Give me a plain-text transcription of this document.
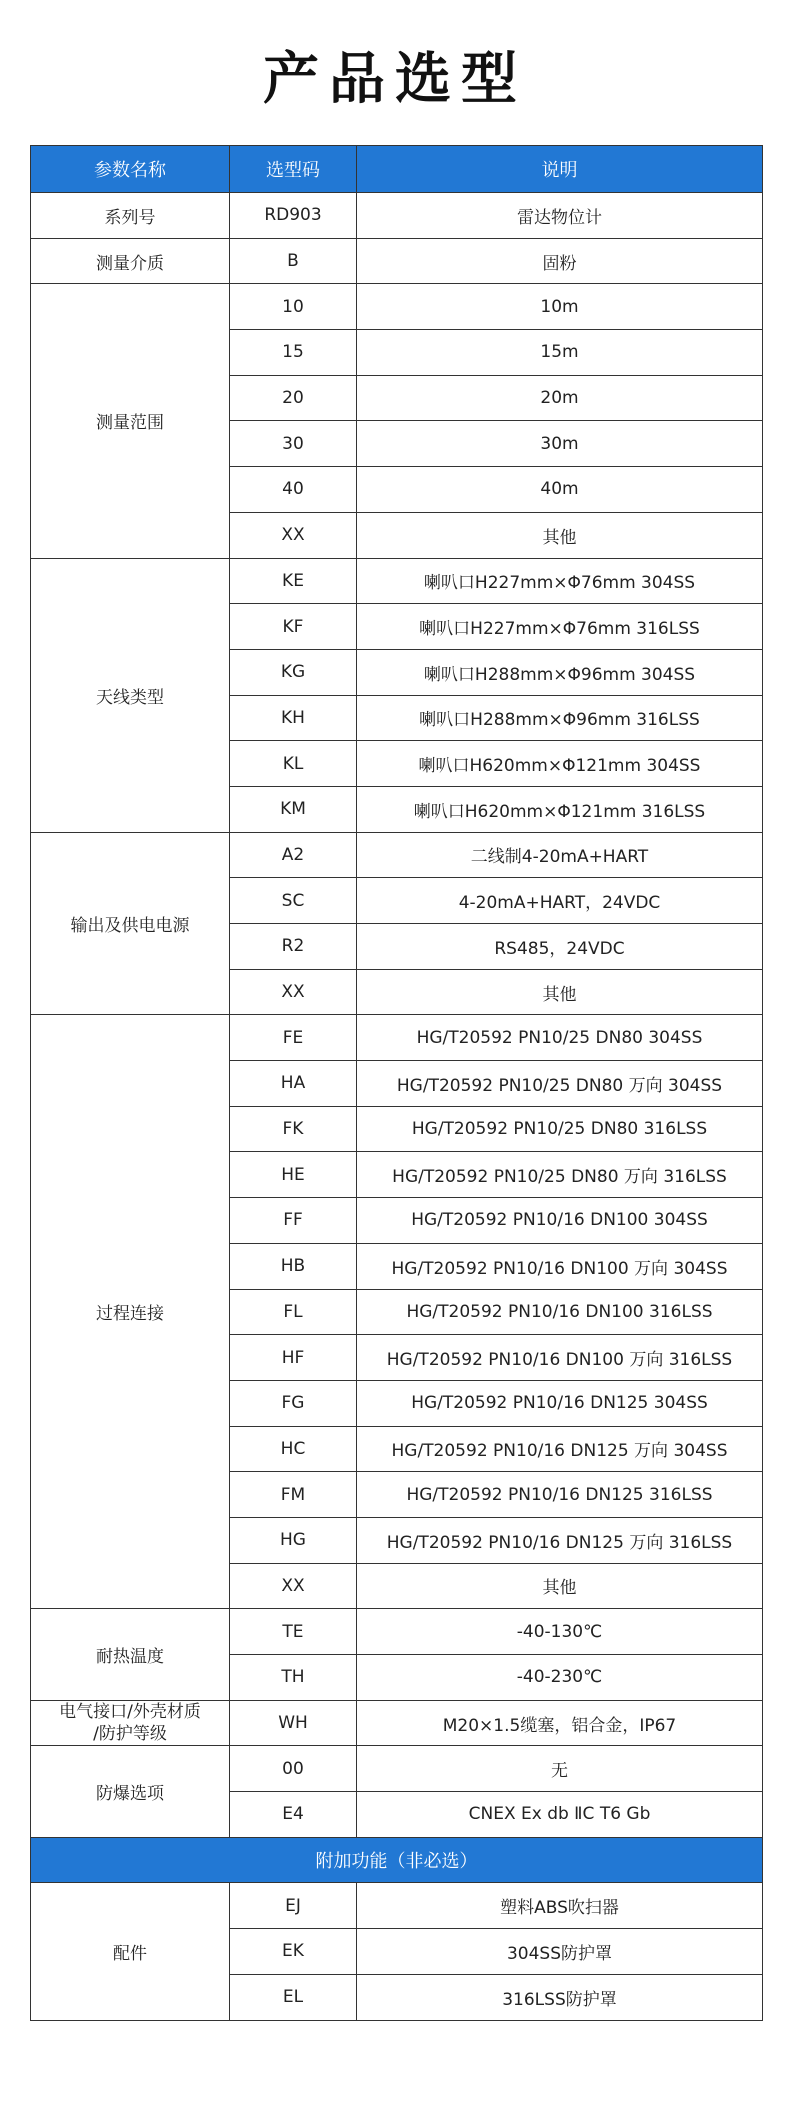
产品选型
参数名称	选型码	说明
系列号	RD903	雷达物位计
测量介质	B	固粉
测量范围	10	10m
	15	15m
	20	20m
	30	30m
	40	40m
	XX	其他
天线类型	KE	喇叭口H227mm×Φ76mm 304SS
	KF	喇叭口H227mm×Φ76mm 316LSS
	KG	喇叭口H288mm×Φ96mm 304SS
	KH	喇叭口H288mm×Φ96mm 316LSS
	KL	喇叭口H620mm×Φ121mm 304SS
	KM	喇叭口H620mm×Φ121mm 316LSS
输出及供电电源	A2	二线制4-20mA+HART
	SC	4-20mA+HART，24VDC
	R2	RS485，24VDC
	XX	其他
过程连接	FE	HG/T20592 PN10/25 DN80 304SS
	HA	HG/T20592 PN10/25 DN80 万向 304SS
	FK	HG/T20592 PN10/25 DN80 316LSS
	HE	HG/T20592 PN10/25 DN80 万向 316LSS
	FF	HG/T20592 PN10/16 DN100 304SS
	HB	HG/T20592 PN10/16 DN100 万向 304SS
	FL	HG/T20592 PN10/16 DN100 316LSS
	HF	HG/T20592 PN10/16 DN100 万向 316LSS
	FG	HG/T20592 PN10/16 DN125 304SS
	HC	HG/T20592 PN10/16 DN125 万向 304SS
	FM	HG/T20592 PN10/16 DN125 316LSS
	HG	HG/T20592 PN10/16 DN125 万向 316LSS
	XX	其他
耐热温度	TE	-40-130℃
	TH	-40-230℃

电气接口/外壳材质
/防护等级	WH	M20×1.5缆塞，铝合金，IP67
防爆选项	00	无
	E4	CNEX Ex db ⅡC T6 Gb
附加功能（非必选）		
配件	EJ	塑料ABS吹扫器
	EK	304SS防护罩
	EL	316LSS防护罩
